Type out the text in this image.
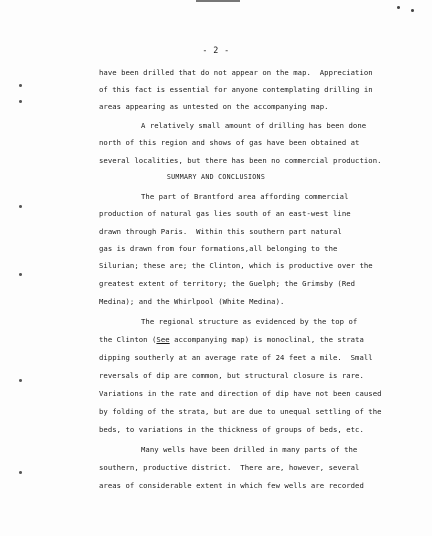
- 2 -
have been drilled that do not appear on the map.  Appreciation
of this fact is essential for anyone contemplating drilling in
areas appearing as untested on the accompanying map.
A relatively small amount of drilling has been done
north of this region and shows of gas have been obtained at
several localities, but there has been no commercial production.
SUMMARY AND CONCLUSIONS
The part of Brantford area affording commercial
production of natural gas lies south of an east-west line
drawn through Paris.  Within this southern part natural
gas is drawn from four formations,all belonging to the
Silurian; these are; the Clinton, which is productive over the
greatest extent of territory; the Guelph; the Grimsby (Red
Medina); and the Whirlpool (White Medina).
The regional structure as evidenced by the top of
the Clinton (See accompanying map) is monoclinal, the strata
dipping southerly at an average rate of 24 feet a mile.  Small
reversals of dip are common, but structural closure is rare.
Variations in the rate and direction of dip have not been caused
by folding of the strata, but are due to unequal settling of the
beds, to variations in the thickness of groups of beds, etc.
Many wells have been drilled in many parts of the
southern, productive district.  There are, however, several
areas of considerable extent in which few wells are recorded
